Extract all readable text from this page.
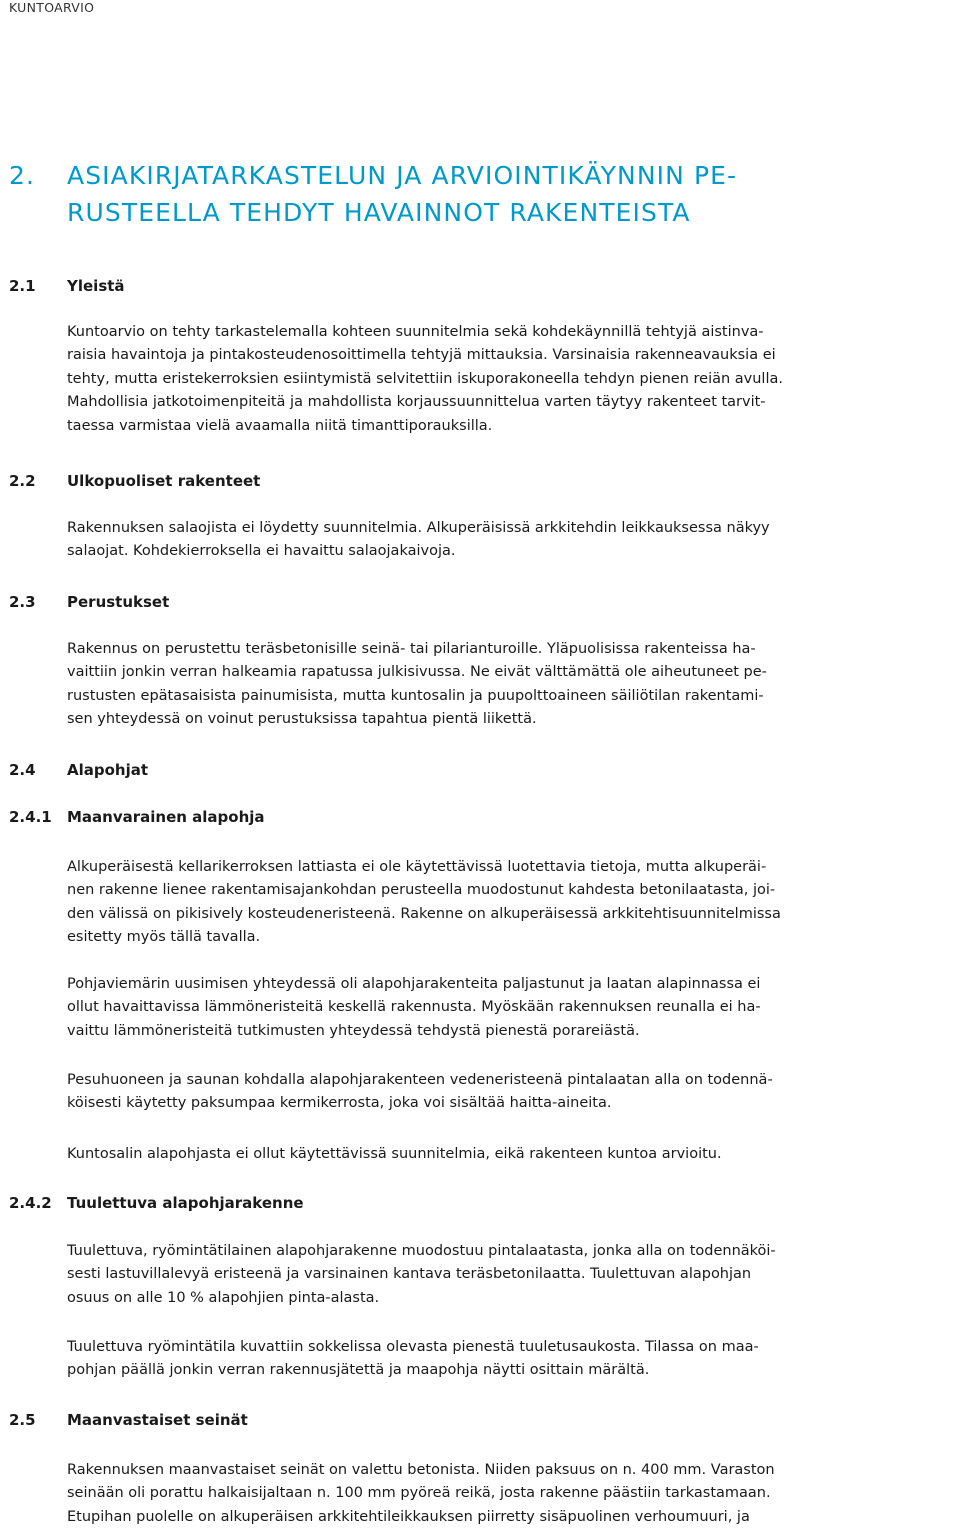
KUNTOARVIO
2. ASIAKIRJATARKASTELUN JA ARVIOINTIKÄYNNIN PE-
RUSTEELLA TEHDYT HAVAINNOT RAKENTEISTA
2.1 Yleistä

Kuntoarvio on tehty tarkastelemalla kohteen suunnitelmia sekä kohdekäynnillä tehtyjä aistinva-
raisia havaintoja ja pintakosteudenosoittimella tehtyjä mittauksia. Varsinaisia rakenneavauksia ei
tehty, mutta eristekerroksien esiintymistä selvitettiin iskuporakoneella tehdyn pienen reiän avulla.
Mahdollisia jatkotoimenpiteitä ja mahdollista korjaussuunnittelua varten täytyy rakenteet tarvit-
taessa varmistaa vielä avaamalla niitä timanttiporauksilla.

2.2 Ulkopuoliset rakenteet

Rakennuksen salaojista ei löydetty suunnitelmia. Alkuperäisissä arkkitehdin leikkauksessa näkyy
salaojat. Kohdekierroksella ei havaittu salaojakaivoja.

2.3 Perustukset

Rakennus on perustettu teräsbetonisille seinä- tai pilarianturoille. Yläpuolisissa rakenteissa ha-
vaittiin jonkin verran halkeamia rapatussa julkisivussa. Ne eivät välttämättä ole aiheutuneet pe-
rustusten epätasaisista painumisista, mutta kuntosalin ja puupolttoaineen säiliötilan rakentami-
sen yhteydessä on voinut perustuksissa tapahtua pientä liikettä.

2.4 Alapohjat
2.4.1 Maanvarainen alapohja

Alkuperäisestä kellarikerroksen lattiasta ei ole käytettävissä luotettavia tietoja, mutta alkuperäi-
nen rakenne lienee rakentamisajankohdan perusteella muodostunut kahdesta betonilaatasta, joi-
den välissä on pikisively kosteudeneristeenä. Rakenne on alkuperäisessä arkkitehtisuunnitelmissa
esitetty myös tällä tavalla.

Pohjaviemärin uusimisen yhteydessä oli alapohjarakenteita paljastunut ja laatan alapinnassa ei
ollut havaittavissa lämmöneristeitä keskellä rakennusta. Myöskään rakennuksen reunalla ei ha-
vaittu lämmöneristeitä tutkimusten yhteydessä tehdystä pienestä porareiästä.

Pesuhuoneen ja saunan kohdalla alapohjarakenteen vedeneristeenä pintalaatan alla on todennä-
köisesti käytetty paksumpaa kermikerrosta, joka voi sisältää haitta-aineita.

Kuntosalin alapohjasta ei ollut käytettävissä suunnitelmia, eikä rakenteen kuntoa arvioitu.

2.4.2 Tuulettuva alapohjarakenne

Tuulettuva, ryömintätilainen alapohjarakenne muodostuu pintalaatasta, jonka alla on todennäköi-
sesti lastuvillalevyä eristeenä ja varsinainen kantava teräsbetonilaatta. Tuulettuvan alapohjan
osuus on alle 10 % alapohjien pinta-alasta.

Tuulettuva ryömintätila kuvattiin sokkelissa olevasta pienestä tuuletusaukosta. Tilassa on maa-
pohjan päällä jonkin verran rakennusjätettä ja maapohja näytti osittain märältä.

2.5 Maanvastaiset seinät

Rakennuksen maanvastaiset seinät on valettu betonista. Niiden paksuus on n. 400 mm. Varaston
seinään oli porattu halkaisijaltaan n. 100 mm pyöreä reikä, josta rakenne päästiin tarkastamaan.
Etupihan puolelle on alkuperäisen arkkitehtileikkauksen piirretty sisäpuolinen verhoumuuri, ja
